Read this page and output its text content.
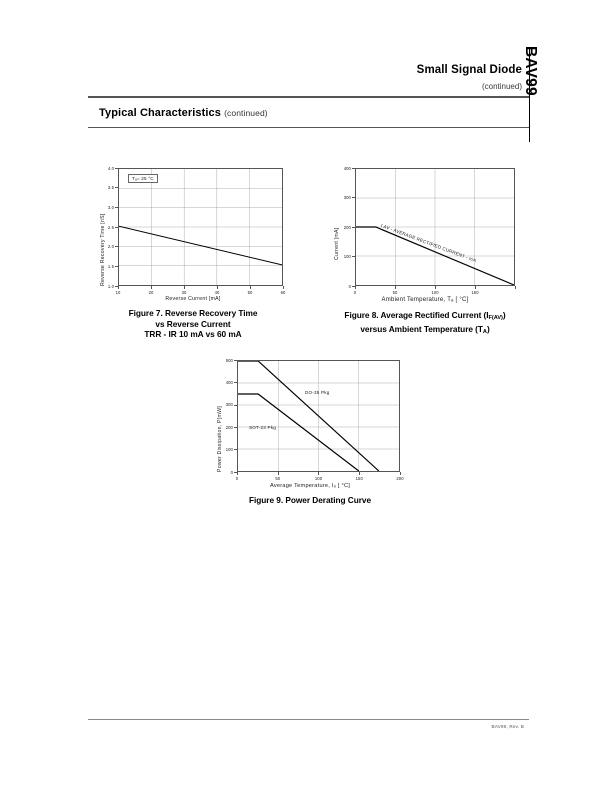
BAV99
Small Signal Diode
(continued)
Typical Characteristics (continued)
Tₐ= 25 °C
Reverse Recovery Time [nS]
Reverse Current [mA]
10	20	30	40	50	60
1.0
1.5
2.0
2.5
3.0
3.5
4.0
Figure 7. Reverse Recovery Time
vs Reverse Current
TRR - IR 10 mA vs 60 mA
I AV - AVERAGE RECTIFIED CURRENT - mA
Current [mA]
Ambient Temperature, Tₐ [ °C]
0	50	100	150
0
100
200
300
400
Figure 8. Average Rectified Current $(I_{F(AV)})$
versus Ambient Temperature $(T_A)$
DO-35 Pkg
SOT-23 Pkg
Power Dissipation, P[mW]
Average Temperature, Iₒ [ °C]
0	50	100	150	200
0
100
200
300
400
500
Figure 9. Power Derating Curve
BAV99, Rev. B
